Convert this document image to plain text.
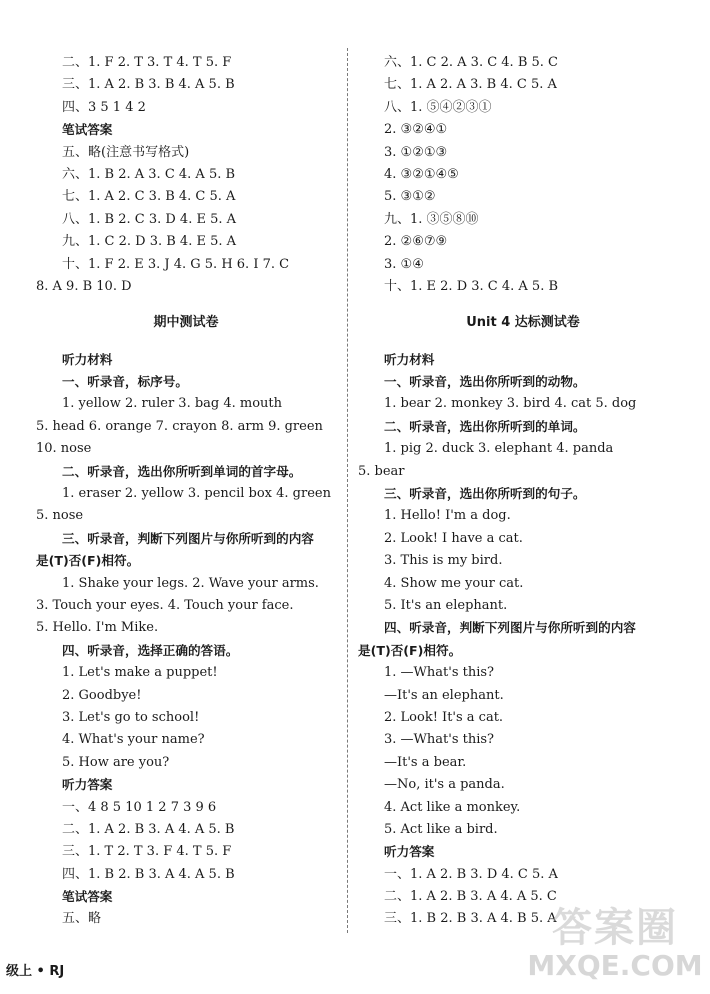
二、1. F 2. T 3. T 4. T 5. F
三、1. A 2. B 3. B 4. A 5. B
四、3 5 1 4 2
笔试答案
五、略(注意书写格式)
六、1. B 2. A 3. C 4. A 5. B
七、1. A 2. C 3. B 4. C 5. A
八、1. B 2. C 3. D 4. E 5. A
九、1. C 2. D 3. B 4. E 5. A
十、1. F 2. E 3. J 4. G 5. H 6. I 7. C
8. A 9. B 10. D
期中测试卷
听力材料
一、听录音，标序号。
1. yellow 2. ruler 3. bag 4. mouth
5. head 6. orange 7. crayon 8. arm 9. green
10. nose
二、听录音，选出你所听到单词的首字母。
1. eraser 2. yellow 3. pencil box 4. green
5. nose
三、听录音，判断下列图片与你所听到的内容
是(T)否(F)相符。
1. Shake your legs. 2. Wave your arms.
3. Touch your eyes. 4. Touch your face.
5. Hello. I'm Mike.
四、听录音，选择正确的答语。
1. Let's make a puppet!
2. Goodbye!
3. Let's go to school!
4. What's your name?
5. How are you?
听力答案
一、4 8 5 10 1 2 7 3 9 6
二、1. A 2. B 3. A 4. A 5. B
三、1. T 2. T 3. F 4. T 5. F
四、1. B 2. B 3. A 4. A 5. B
笔试答案
五、略
六、1. C 2. A 3. C 4. B 5. C
七、1. A 2. A 3. B 4. C 5. A
八、1. ⑤④②③①
2. ③②④①
3. ①②①③
4. ③②①④⑤
5. ③①②
九、1. ③⑤⑧⑩
2. ②⑥⑦⑨
3. ①④
十、1. E 2. D 3. C 4. A 5. B
Unit 4 达标测试卷
听力材料
一、听录音，选出你所听到的动物。
1. bear 2. monkey 3. bird 4. cat 5. dog
二、听录音，选出你所听到的单词。
1. pig 2. duck 3. elephant 4. panda
5. bear
三、听录音，选出你所听到的句子。
1. Hello! I'm a dog.
2. Look! I have a cat.
3. This is my bird.
4. Show me your cat.
5. It's an elephant.
四、听录音，判断下列图片与你所听到的内容
是(T)否(F)相符。
1. —What's this?
—It's an elephant.
2. Look! It's a cat.
3. —What's this?
—It's a bear.
—No, it's a panda.
4. Act like a monkey.
5. Act like a bird.
听力答案
一、1. A 2. B 3. D 4. C 5. A
二、1. A 2. B 3. A 4. A 5. C
三、1. B 2. B 3. A 4. B 5. A
级上 • RJ
答案圈
MXQE.COM
